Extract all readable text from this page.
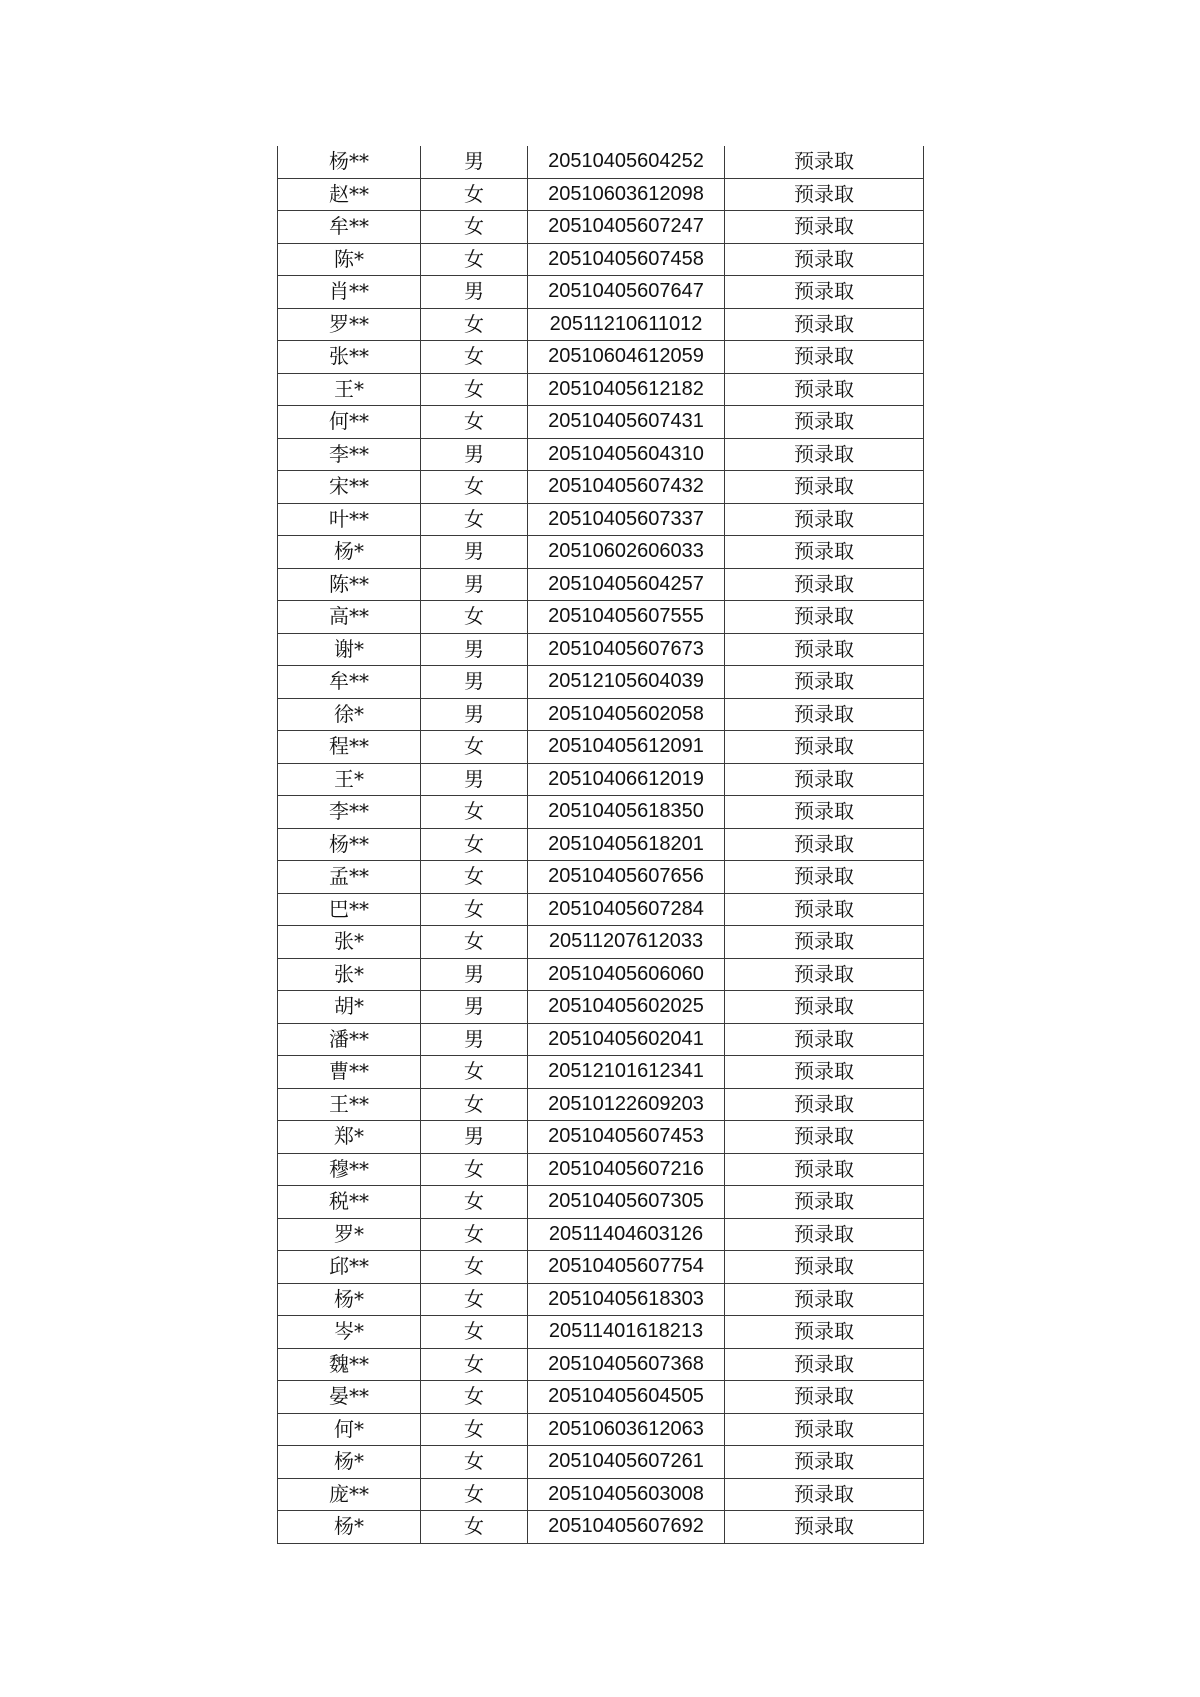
杨**	男	20510405604252	预录取
赵**	女	20510603612098	预录取
牟**	女	20510405607247	预录取
陈*	女	20510405607458	预录取
肖**	男	20510405607647	预录取
罗**	女	20511210611012	预录取
张**	女	20510604612059	预录取
王*	女	20510405612182	预录取
何**	女	20510405607431	预录取
李**	男	20510405604310	预录取
宋**	女	20510405607432	预录取
叶**	女	20510405607337	预录取
杨*	男	20510602606033	预录取
陈**	男	20510405604257	预录取
高**	女	20510405607555	预录取
谢*	男	20510405607673	预录取
牟**	男	20512105604039	预录取
徐*	男	20510405602058	预录取
程**	女	20510405612091	预录取
王*	男	20510406612019	预录取
李**	女	20510405618350	预录取
杨**	女	20510405618201	预录取
孟**	女	20510405607656	预录取
巴**	女	20510405607284	预录取
张*	女	20511207612033	预录取
张*	男	20510405606060	预录取
胡*	男	20510405602025	预录取
潘**	男	20510405602041	预录取
曹**	女	20512101612341	预录取
王**	女	20510122609203	预录取
郑*	男	20510405607453	预录取
穆**	女	20510405607216	预录取
税**	女	20510405607305	预录取
罗*	女	20511404603126	预录取
邱**	女	20510405607754	预录取
杨*	女	20510405618303	预录取
岑*	女	20511401618213	预录取
魏**	女	20510405607368	预录取
晏**	女	20510405604505	预录取
何*	女	20510603612063	预录取
杨*	女	20510405607261	预录取
庞**	女	20510405603008	预录取
杨*	女	20510405607692	预录取
